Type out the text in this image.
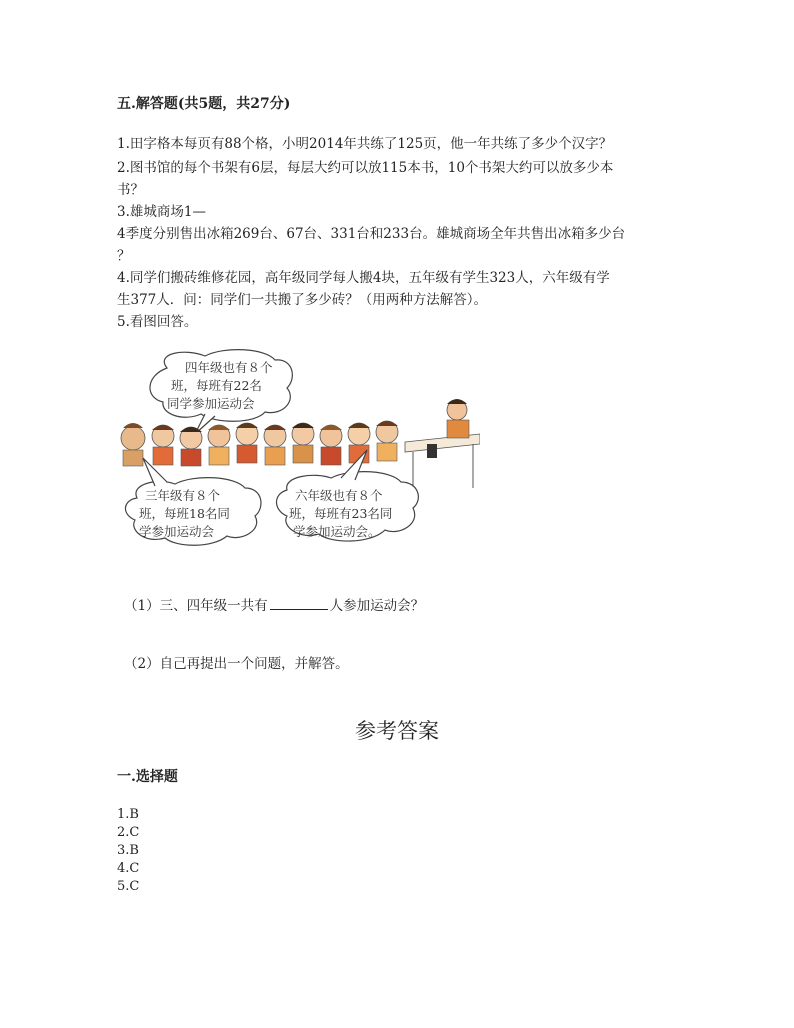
五.解答题(共5题，共27分)
1.田字格本每页有88个格，小明2014年共练了125页，他一年共练了多少个汉字？
2.图书馆的每个书架有6层，每层大约可以放115本书，10个书架大约可以放多少本
书？
3.雄城商场1—
4季度分别售出冰箱269台、67台、331台和233台。雄城商场全年共售出冰箱多少台
？
4.同学们搬砖维修花园，高年级同学每人搬4块，五年级有学生323人，六年级有学
生377人．问：同学们一共搬了多少砖？（用两种方法解答）。
5.看图回答。
四年级也有８个
班，每班有22名
同学参加运动会
三年级有８个
班，每班18名同
学参加运动会
六年级也有８个
班，每班有23名同
学参加运动会。
（1）三、四年级一共有	人参加运动会？
（2）自己再提出一个问题，并解答。
参考答案
一.选择题
1.B
2.C
3.B
4.C
5.C
